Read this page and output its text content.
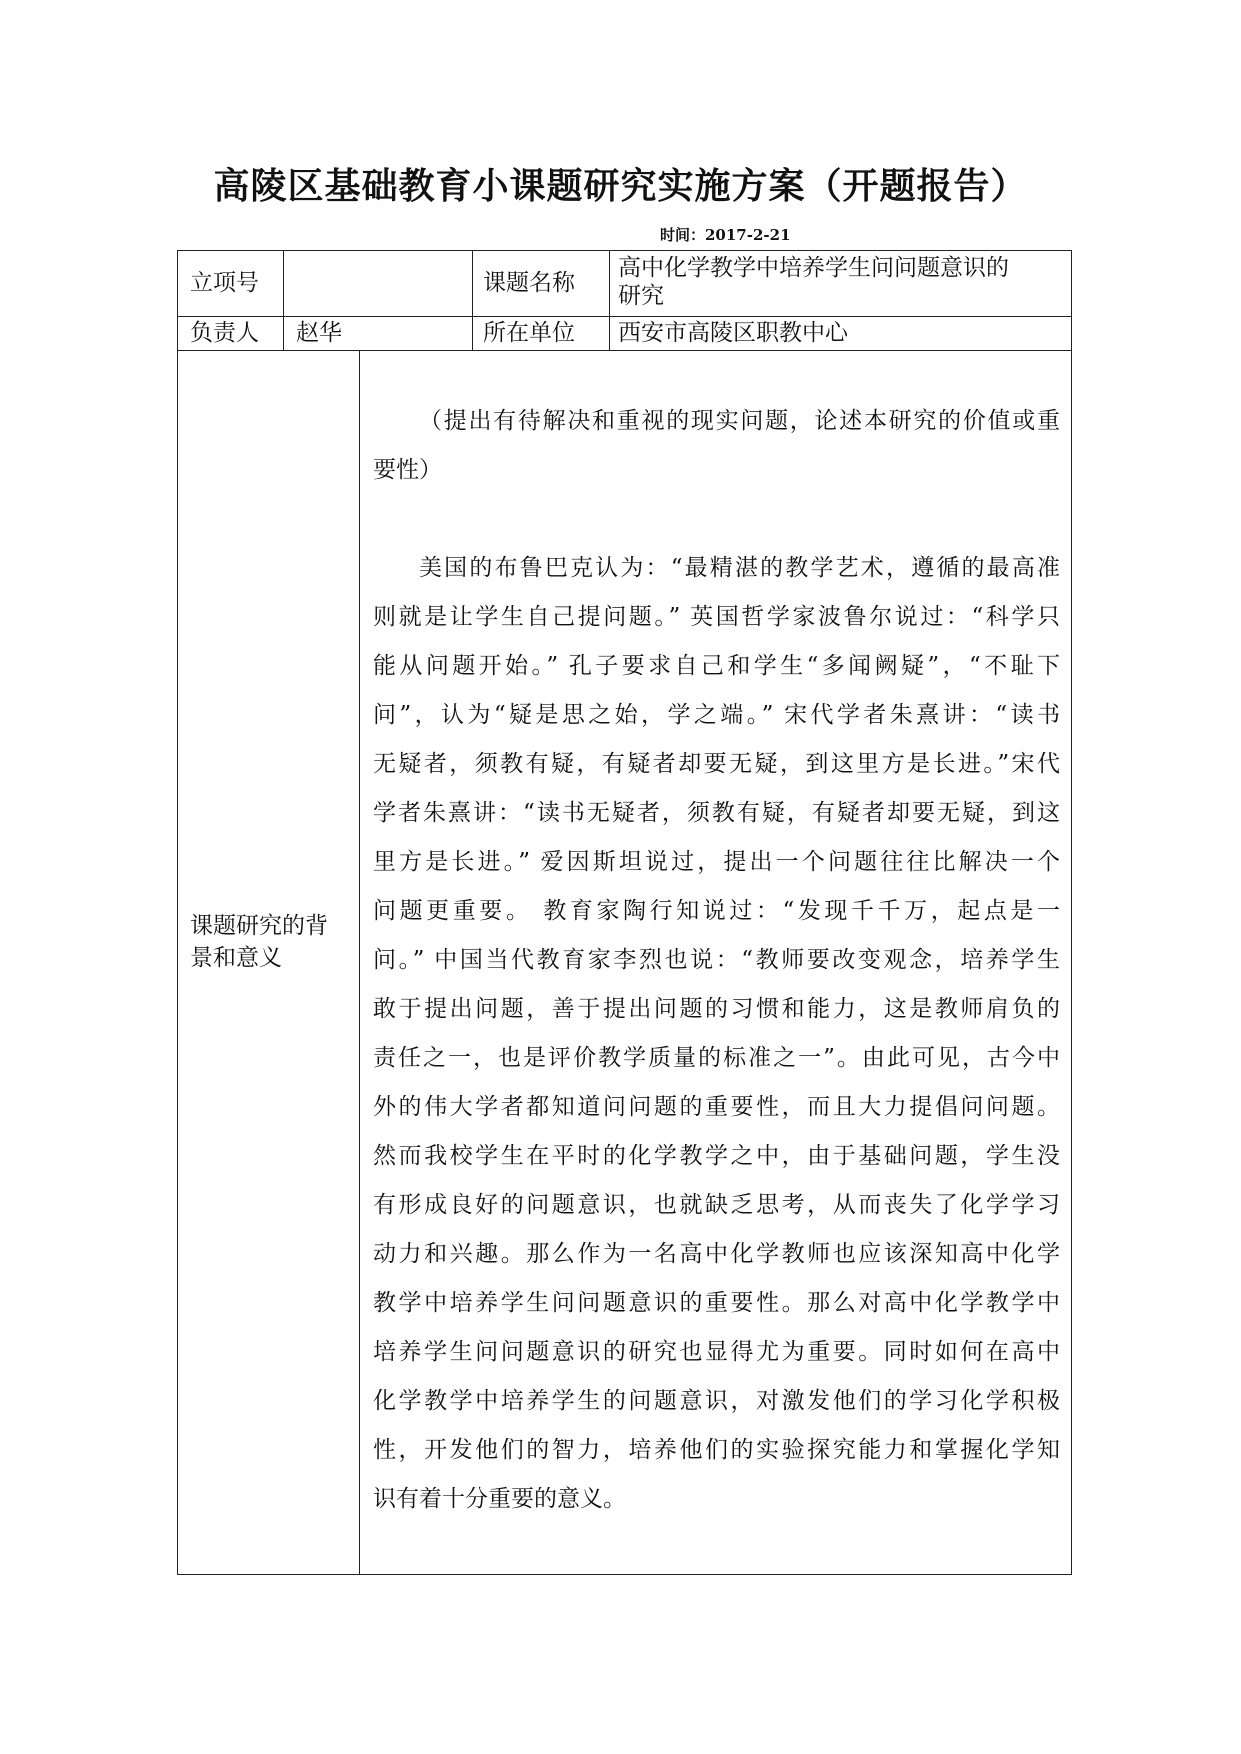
高陵区基础教育小课题研究实施方案（开题报告）
时间：2017-2-21
立项号	课题名称
高中化学教学中培养学生问问题意识的
研究
负责人 赵华	所在单位 西安市高陵区职教中心
课题研究的背
景和意义
（提出有待解决和重视的现实问题，论述本研究的价值或重
要性）
美国的布鲁巴克认为：“最精湛的教学艺术，遵循的最高准
则就是让学生自己提问题。” 英国哲学家波鲁尔说过：“科学只
能从问题开始。” 孔子要求自己和学生“多闻阙疑”，“不耻下
问”，认为“疑是思之始，学之端。” 宋代学者朱熹讲：“读书
无疑者，须教有疑，有疑者却要无疑，到这里方是长进。”宋代
学者朱熹讲：“读书无疑者，须教有疑，有疑者却要无疑，到这
里方是长进。” 爱因斯坦说过，提出一个问题往往比解决一个
问题更重要。 教育家陶行知说过：“发现千千万，起点是一
问。” 中国当代教育家李烈也说：“教师要改变观念，培养学生
敢于提出问题，善于提出问题的习惯和能力，这是教师肩负的
责任之一，也是评价教学质量的标准之一”。由此可见，古今中
外的伟大学者都知道问问题的重要性，而且大力提倡问问题。
然而我校学生在平时的化学教学之中，由于基础问题，学生没
有形成良好的问题意识，也就缺乏思考，从而丧失了化学学习
动力和兴趣。那么作为一名高中化学教师也应该深知高中化学
教学中培养学生问问题意识的重要性。那么对高中化学教学中
培养学生问问题意识的研究也显得尤为重要。同时如何在高中
化学教学中培养学生的问题意识，对激发他们的学习化学积极
性，开发他们的智力，培养他们的实验探究能力和掌握化学知
识有着十分重要的意义。
